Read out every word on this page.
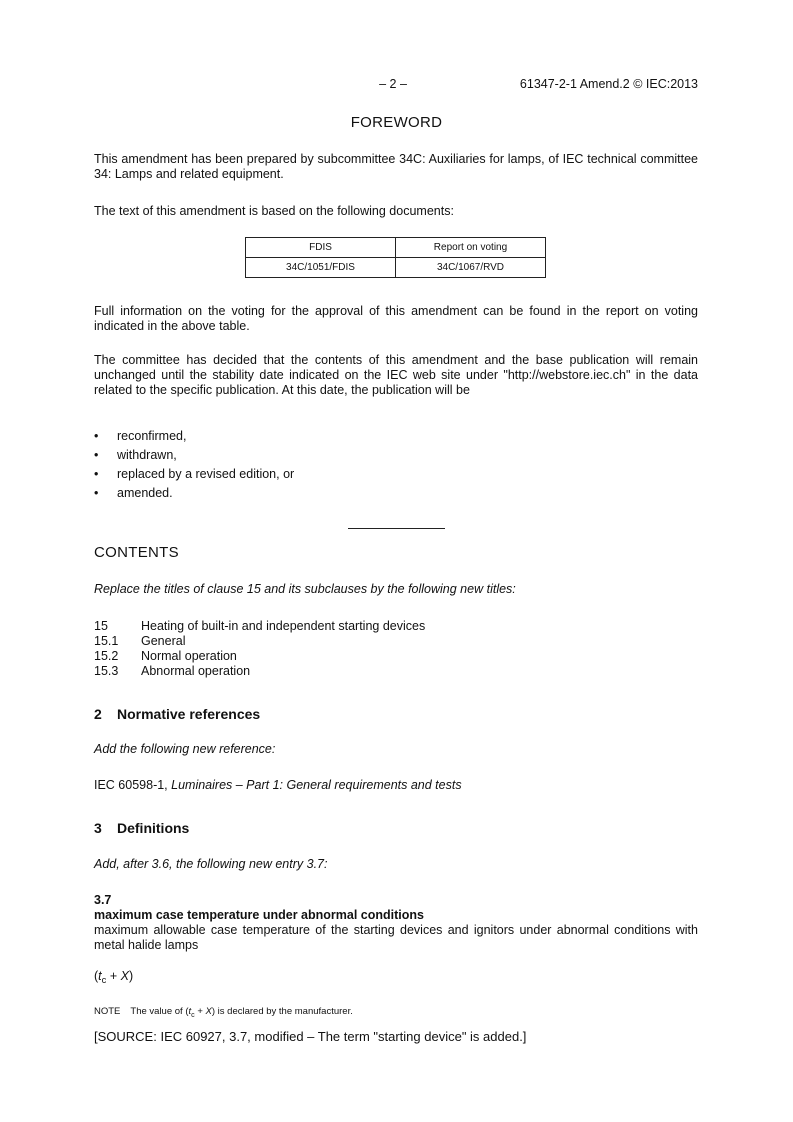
– 2 –	61347-2-1 Amend.2 © IEC:2013
FOREWORD
This amendment has been prepared by subcommittee 34C: Auxiliaries for lamps, of IEC technical committee 34: Lamps and related equipment.
The text of this amendment is based on the following documents:
FDIS	Report on voting
34C/1051/FDIS	34C/1067/RVD
Full information on the voting for the approval of this amendment can be found in the report on voting indicated in the above table.
The committee has decided that the contents of this amendment and the base publication will remain unchanged until the stability date indicated on the IEC web site under "http://webstore.iec.ch" in the data related to the specific publication. At this date, the publication will be
• reconfirmed,
• withdrawn,
• replaced by a revised edition, or
• amended.
CONTENTS
Replace the titles of clause 15 and its subclauses by the following new titles:
15	Heating of built-in and independent starting devices
15.1 General
15.2 Normal operation
15.3 Abnormal operation
2 Normative references
Add the following new reference:
IEC 60598-1, Luminaires – Part 1: General requirements and tests
3 Definitions
Add, after 3.6, the following new entry 3.7:
3.7
maximum case temperature under abnormal conditions
maximum allowable case temperature of the starting devices and ignitors under abnormal conditions with metal halide lamps
$(t_c + X)$
NOTE The value of $(t_c + X)$ is declared by the manufacturer.
[SOURCE: IEC 60927, 3.7, modified – The term "starting device" is added.]
